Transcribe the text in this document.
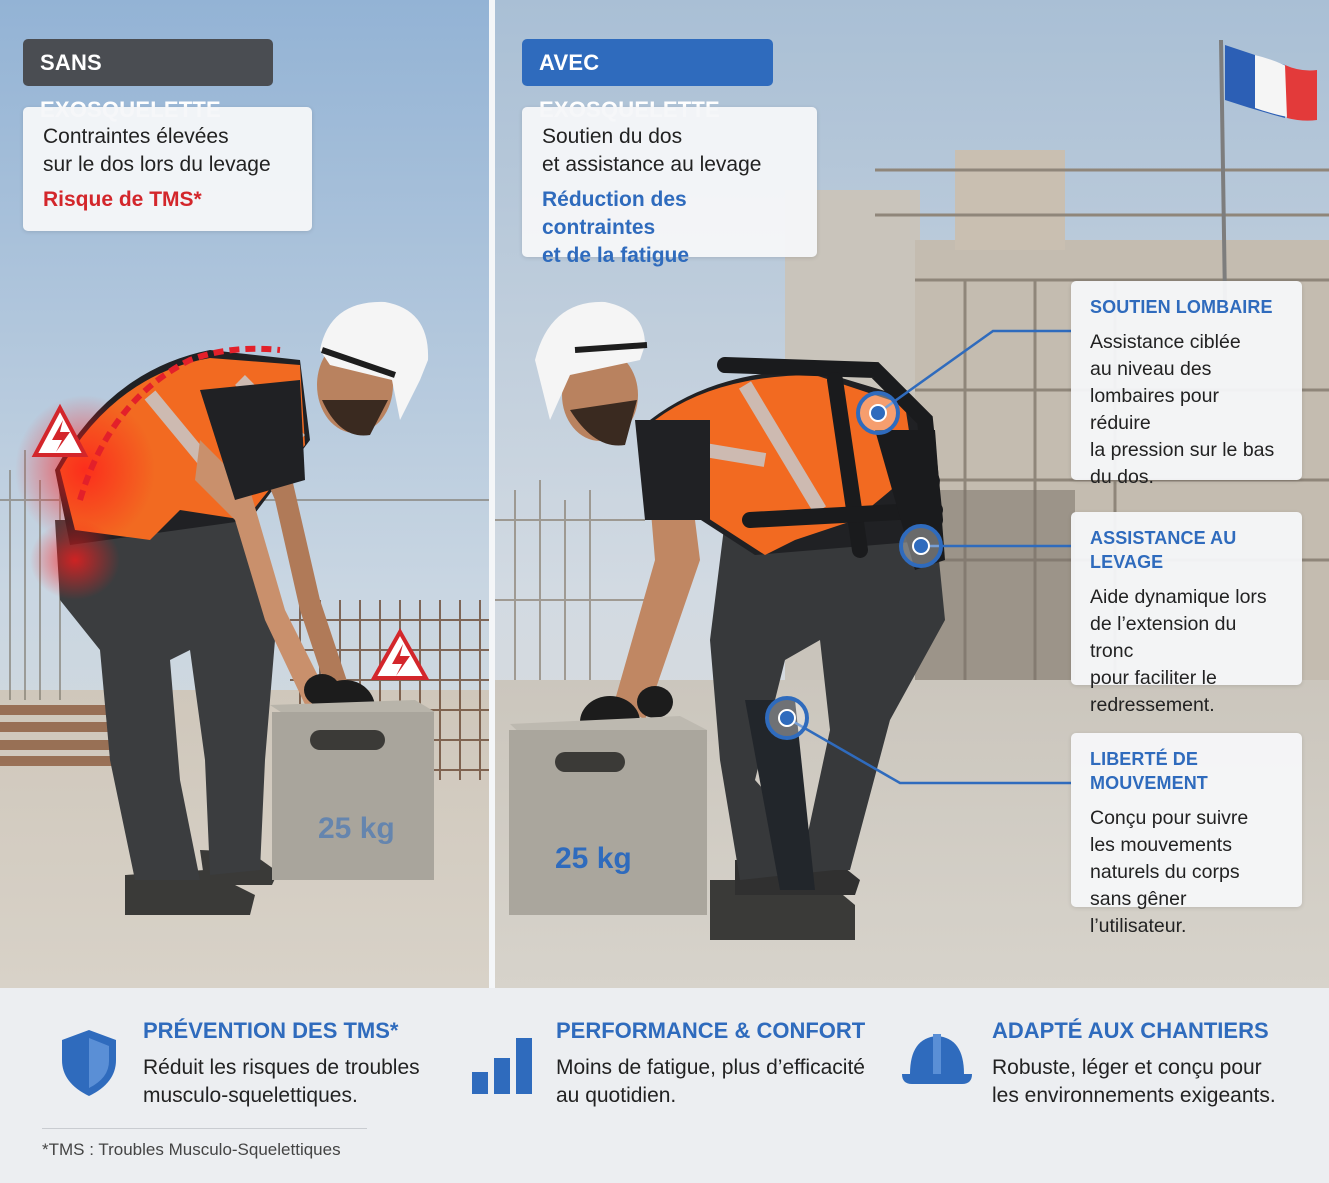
SANS
Contraintes élevées
sur le dos lors du levage
Risque de TMS*
25 kg
25 kg
AVEC
Soutien du dos
et assistance au levage
Réduction des contraintes
et de la fatigue
SOUTIEN LOMBAIRE
Assistance ciblée
au niveau des
lombaires pour réduire
la pression sur le bas
du dos.
ASSISTANCE AU LEVAGE
Aide dynamique lors
de l’extension du tronc
pour faciliter le
redressement.
LIBERTÉ DE MOUVEMENT
Conçu pour suivre
les mouvements
naturels du corps
sans gêner l’utilisateur.
PRÉVENTION DES TMS*
Réduit les risques de troubles
musculo-squelettiques.
PERFORMANCE & CONFORT
Moins de fatigue, plus d’efficacité
au quotidien.
ADAPTÉ AUX CHANTIERS
Robuste, léger et conçu pour
les environnements exigeants.
*TMS : Troubles Musculo-Squelettiques
